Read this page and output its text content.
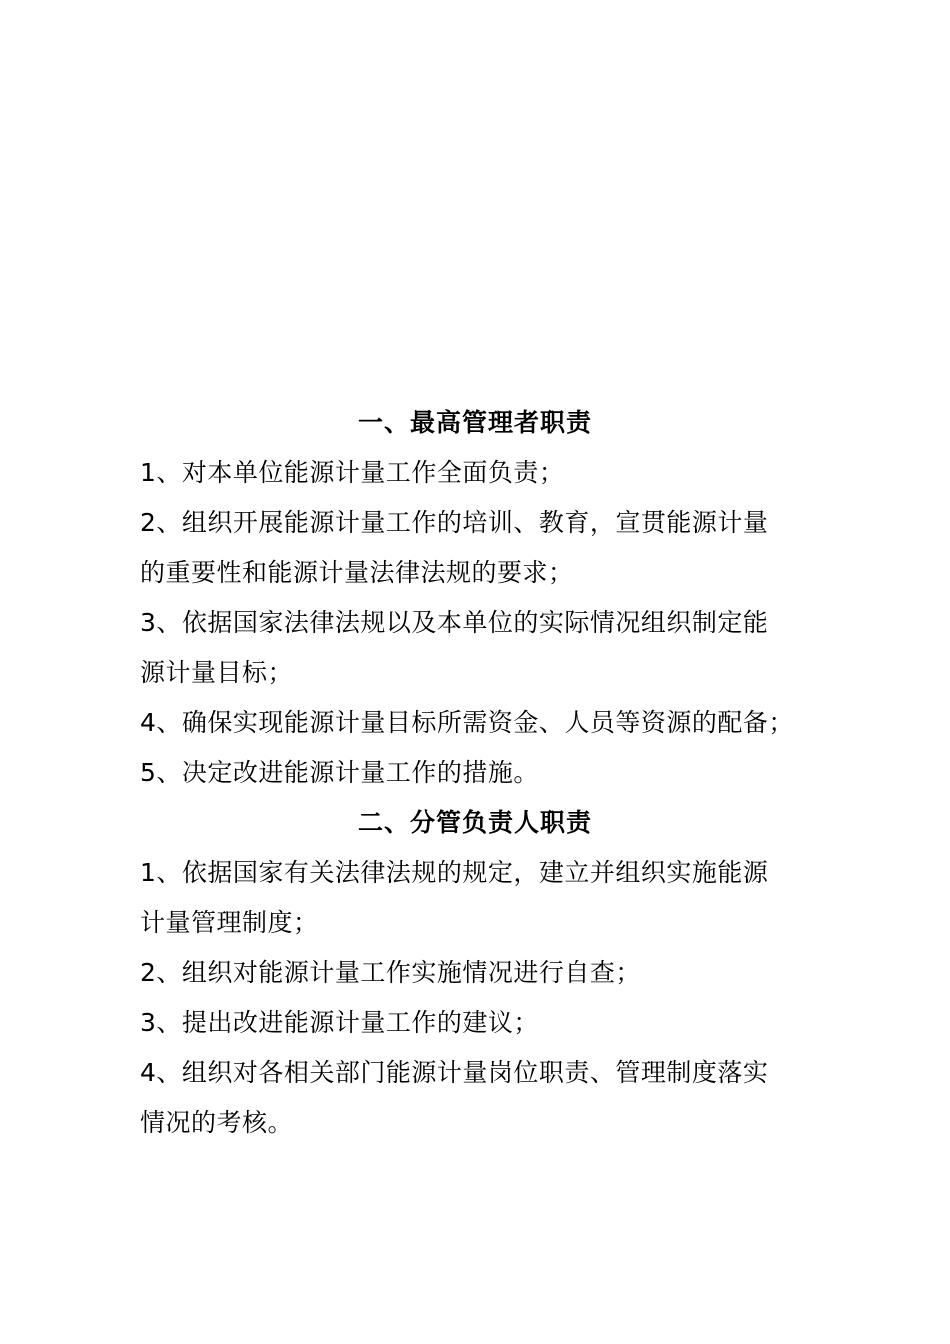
一、最高管理者职责
1、对本单位能源计量工作全面负责；
2、组织开展能源计量工作的培训、教育，宣贯能源计量
的重要性和能源计量法律法规的要求；
3、依据国家法律法规以及本单位的实际情况组织制定能
源计量目标；
4、确保实现能源计量目标所需资金、人员等资源的配备；
5、决定改进能源计量工作的措施。
二、分管负责人职责
1、依据国家有关法律法规的规定，建立并组织实施能源
计量管理制度；
2、组织对能源计量工作实施情况进行自查；
3、提出改进能源计量工作的建议；
4、组织对各相关部门能源计量岗位职责、管理制度落实
情况的考核。
